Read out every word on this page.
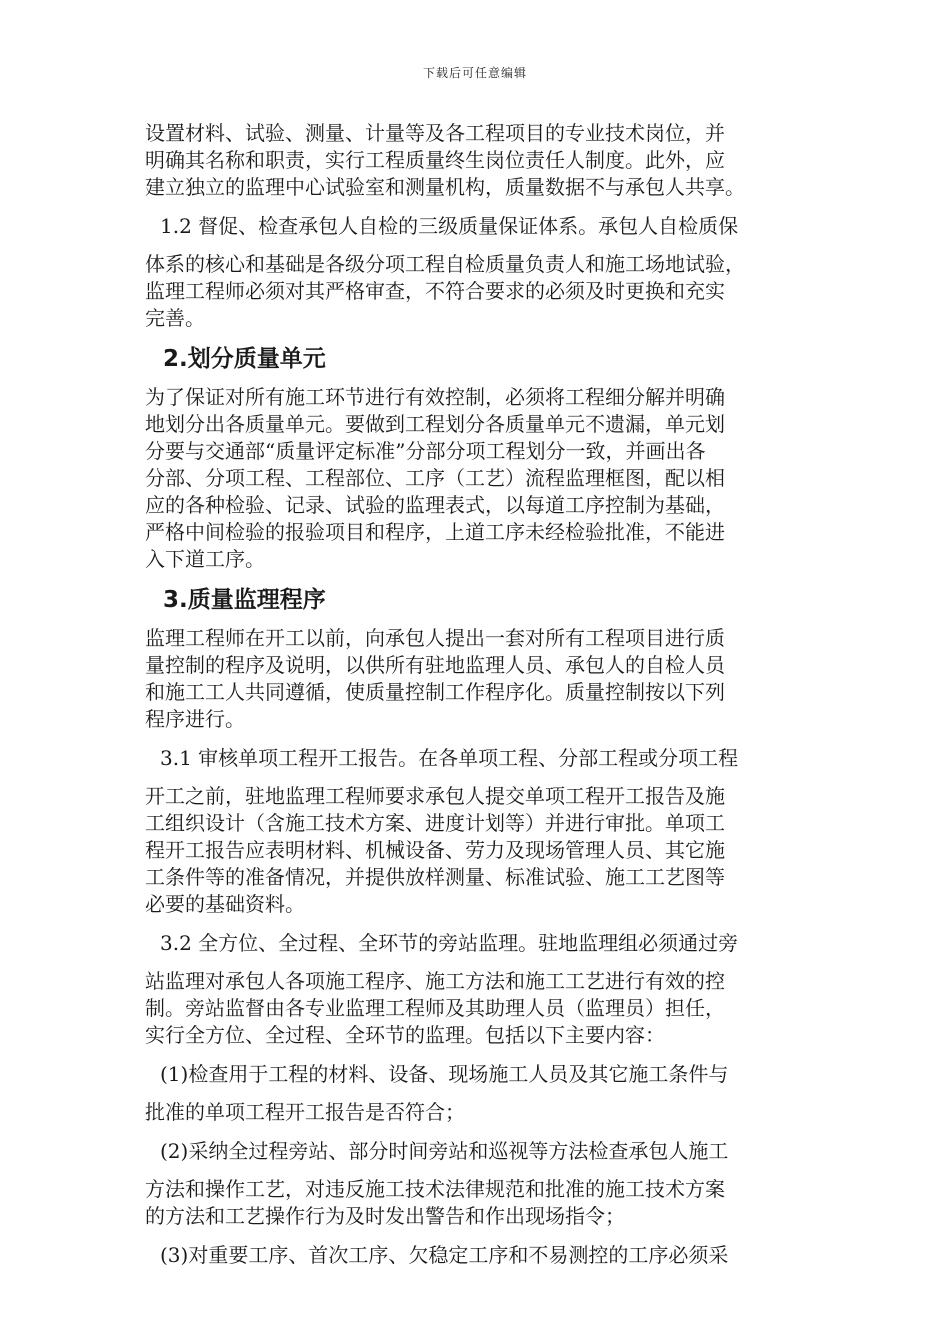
下载后可任意编辑
设置材料、试验、测量、计量等及各工程项目的专业技术岗位，并
明确其名称和职责，实行工程质量终生岗位责任人制度。此外，应
建立独立的监理中心试验室和测量机构，质量数据不与承包人共享。
1.2 督促、检查承包人自检的三级质量保证体系。承包人自检质保
体系的核心和基础是各级分项工程自检质量负责人和施工场地试验，
监理工程师必须对其严格审查，不符合要求的必须及时更换和充实
完善。
2.划分质量单元
为了保证对所有施工环节进行有效控制，必须将工程细分解并明确
地划分出各质量单元。要做到工程划分各质量单元不遗漏，单元划
分要与交通部“质量评定标准”分部分项工程划分一致，并画出各
分部、分项工程、工程部位、工序（工艺）流程监理框图，配以相
应的各种检验、记录、试验的监理表式，以每道工序控制为基础，
严格中间检验的报验项目和程序，上道工序未经检验批准，不能进
入下道工序。
3.质量监理程序
监理工程师在开工以前，向承包人提出一套对所有工程项目进行质
量控制的程序及说明，以供所有驻地监理人员、承包人的自检人员
和施工工人共同遵循，使质量控制工作程序化。质量控制按以下列
程序进行。
3.1 审核单项工程开工报告。在各单项工程、分部工程或分项工程
开工之前，驻地监理工程师要求承包人提交单项工程开工报告及施
工组织设计（含施工技术方案、进度计划等）并进行审批。单项工
程开工报告应表明材料、机械设备、劳力及现场管理人员、其它施
工条件等的准备情况，并提供放样测量、标准试验、施工工艺图等
必要的基础资料。
3.2 全方位、全过程、全环节的旁站监理。驻地监理组必须通过旁
站监理对承包人各项施工程序、施工方法和施工工艺进行有效的控
制。旁站监督由各专业监理工程师及其助理人员（监理员）担任，
实行全方位、全过程、全环节的监理。包括以下主要内容：
(1)检查用于工程的材料、设备、现场施工人员及其它施工条件与
批准的单项工程开工报告是否符合；
(2)采纳全过程旁站、部分时间旁站和巡视等方法检查承包人施工
方法和操作工艺，对违反施工技术法律规范和批准的施工技术方案
的方法和工艺操作行为及时发出警告和作出现场指令；
(3)对重要工序、首次工序、欠稳定工序和不易测控的工序必须采
